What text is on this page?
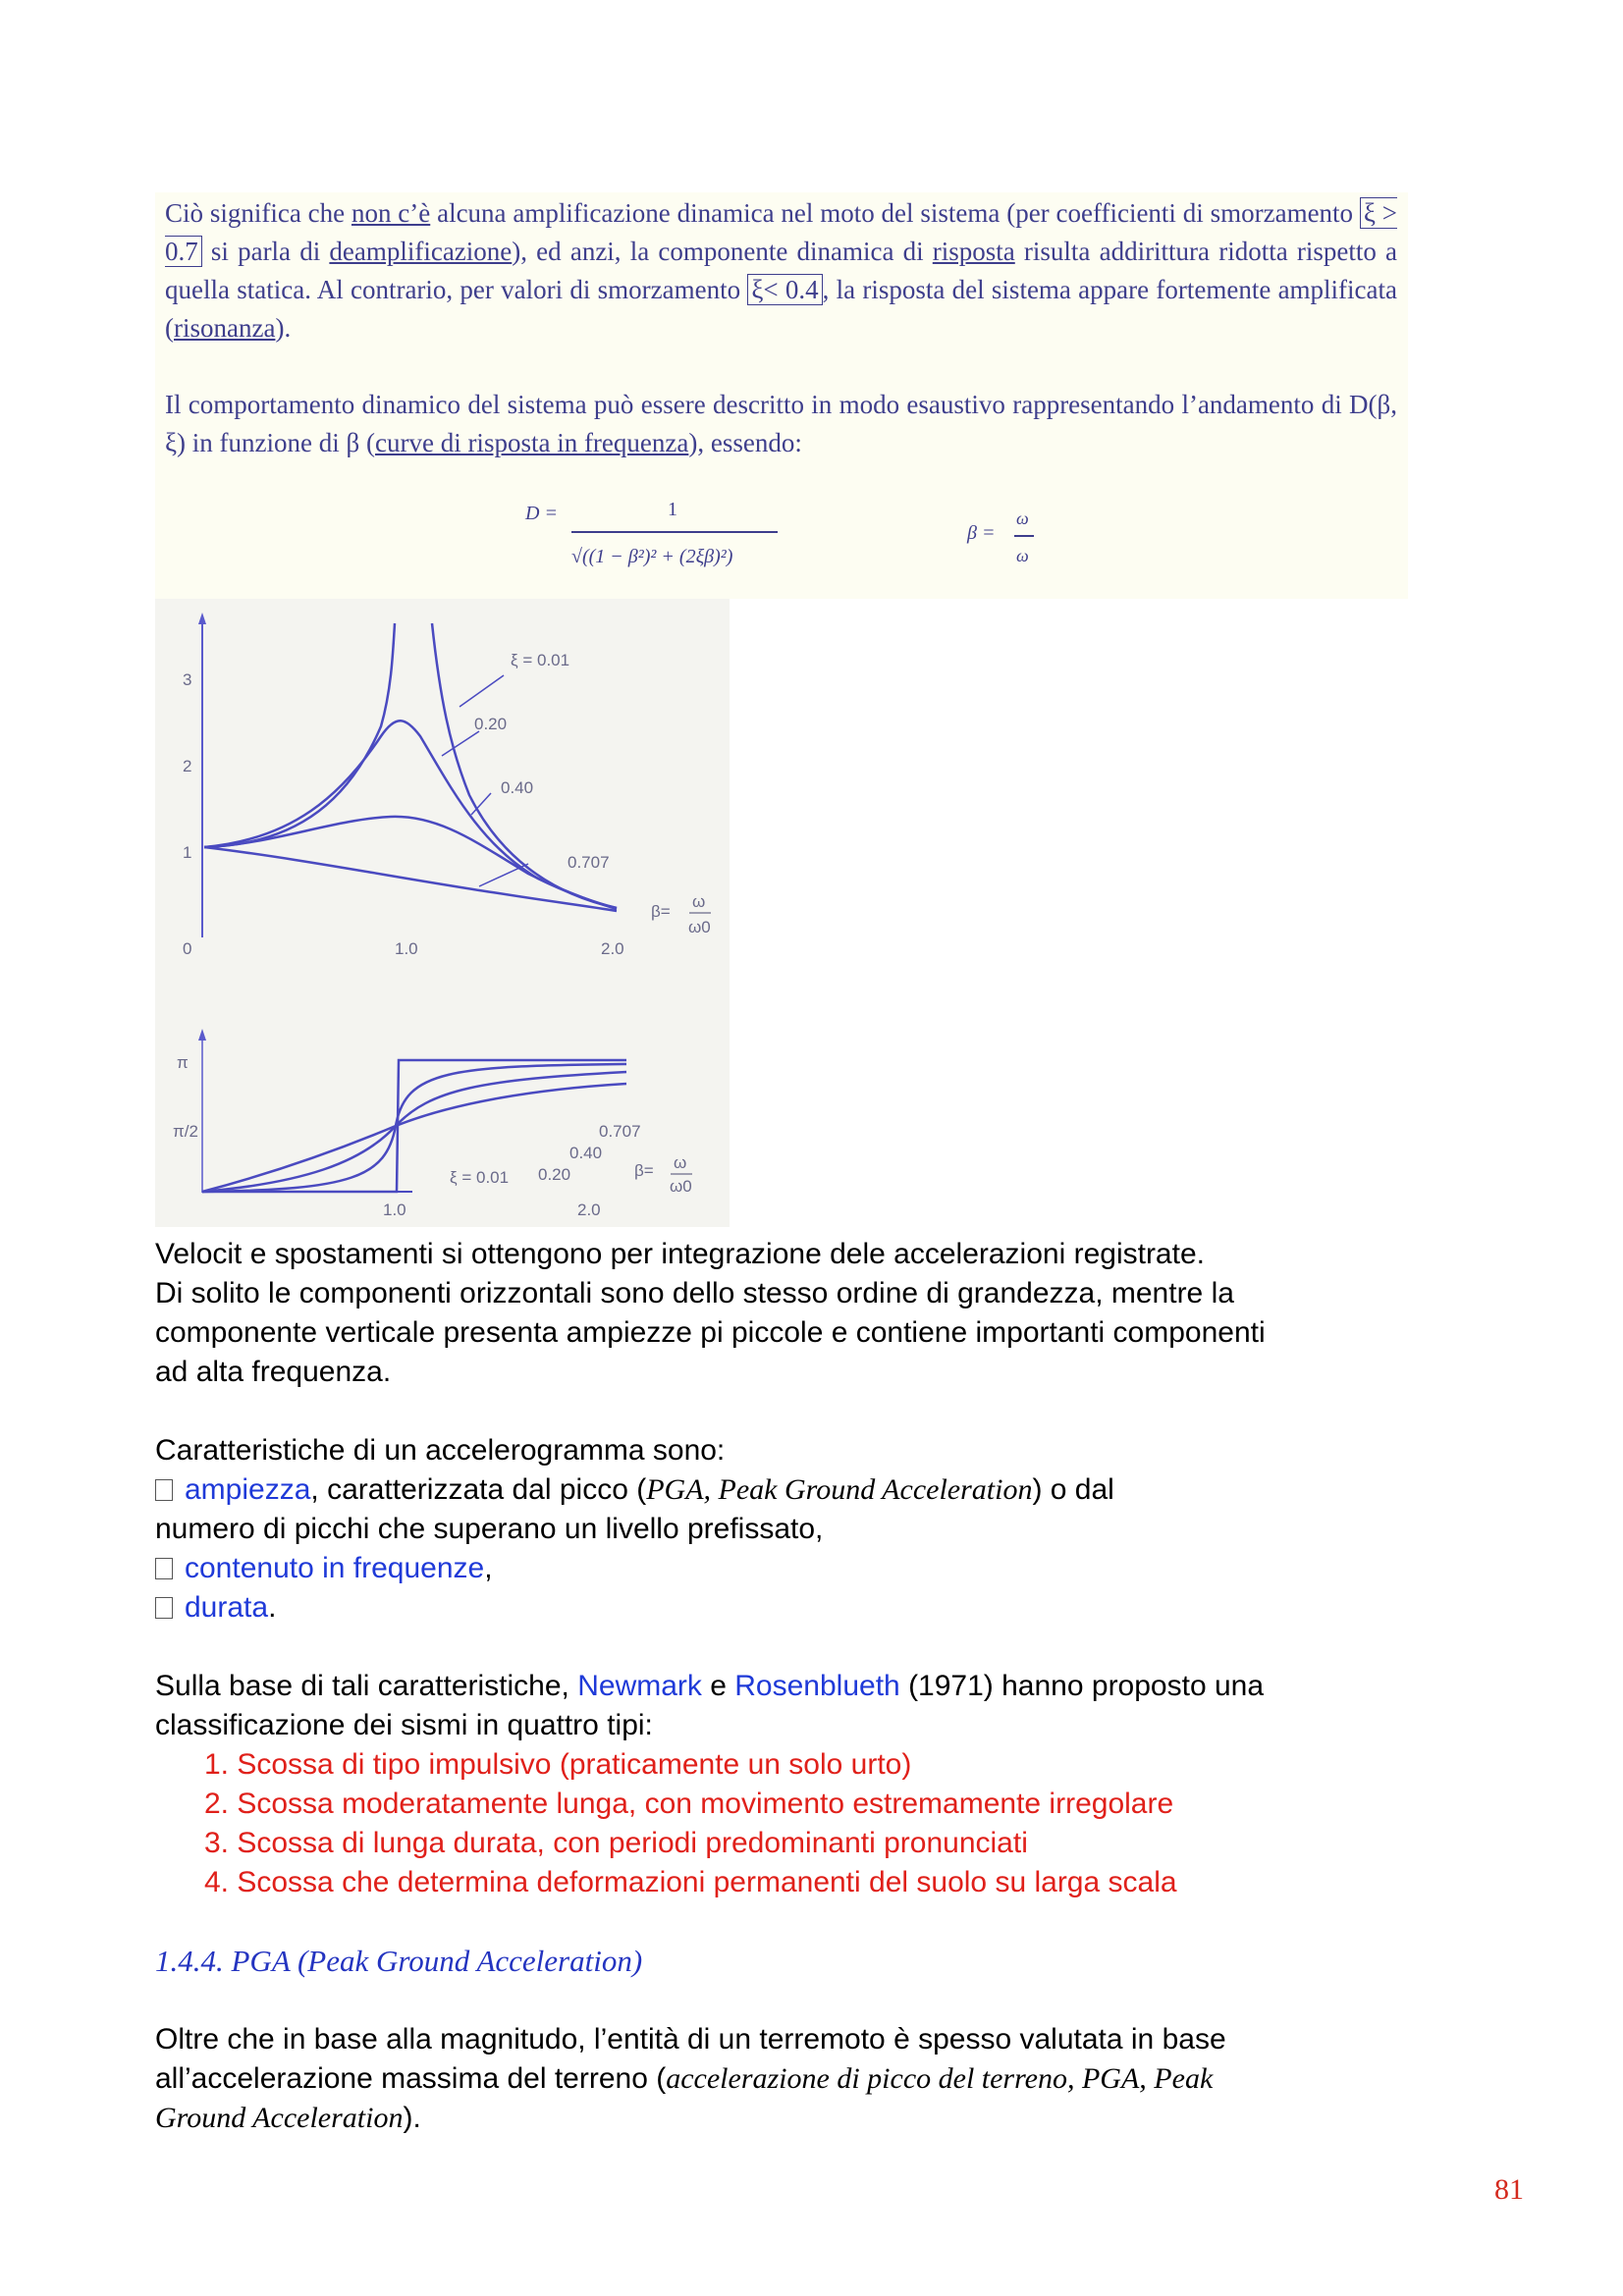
Ciò significa che non c’è alcuna amplificazione dinamica nel moto del sistema (per coefficienti di smorzamento ξ > 0.7 si parla di deamplificazione), ed anzi, la componente dinamica di risposta risulta addirittura ridotta rispetto a quella statica. Al contrario, per valori di smorzamento ξ< 0.4 , la risposta del sistema appare fortemente amplificata (risonanza).

Il comportamento dinamico del sistema può essere descritto in modo esaustivo rappresentando l’andamento di D(β, ξ) in funzione di β (curve di risposta in frequenza), essendo:

D =	1
√((1 − β²)² + (2ξβ)²)
β =
ω
ω
3
2
1
0	1.0	2.0
ξ = 0.01
0.20
0.40
0.707
β=
ω
ω0
π
π/2
1.0	2.0
0.707
0.40
ξ = 0.01 0.20	β= ω
ω0

Velocit e spostamenti si ottengono per integrazione dele accelerazioni registrate.

Di solito le componenti orizzontali sono dello stesso ordine di grandezza, mentre la

componente verticale presenta ampiezze pi piccole e contiene importanti componenti

ad alta frequenza.

Caratteristiche di un accelerogramma sono:

ampiezza, caratterizzata dal picco (PGA, Peak Ground Acceleration) o dal

numero di picchi che superano un livello prefissato,

contenuto in frequenze,

durata.

Sulla base di tali caratteristiche, Newmark e Rosenblueth (1971) hanno proposto una

classificazione dei sismi in quattro tipi:

1. Scossa di tipo impulsivo (praticamente un solo urto)

2. Scossa moderatamente lunga, con movimento estremamente irregolare

3. Scossa di lunga durata, con periodi predominanti pronunciati

4. Scossa che determina deformazioni permanenti del suolo su larga scala

1.4.4. PGA (Peak Ground Acceleration)

Oltre che in base alla magnitudo, l’entità di un terremoto è spesso valutata in base

all’accelerazione massima del terreno (accelerazione di picco del terreno, PGA, Peak

Ground Acceleration).

81
